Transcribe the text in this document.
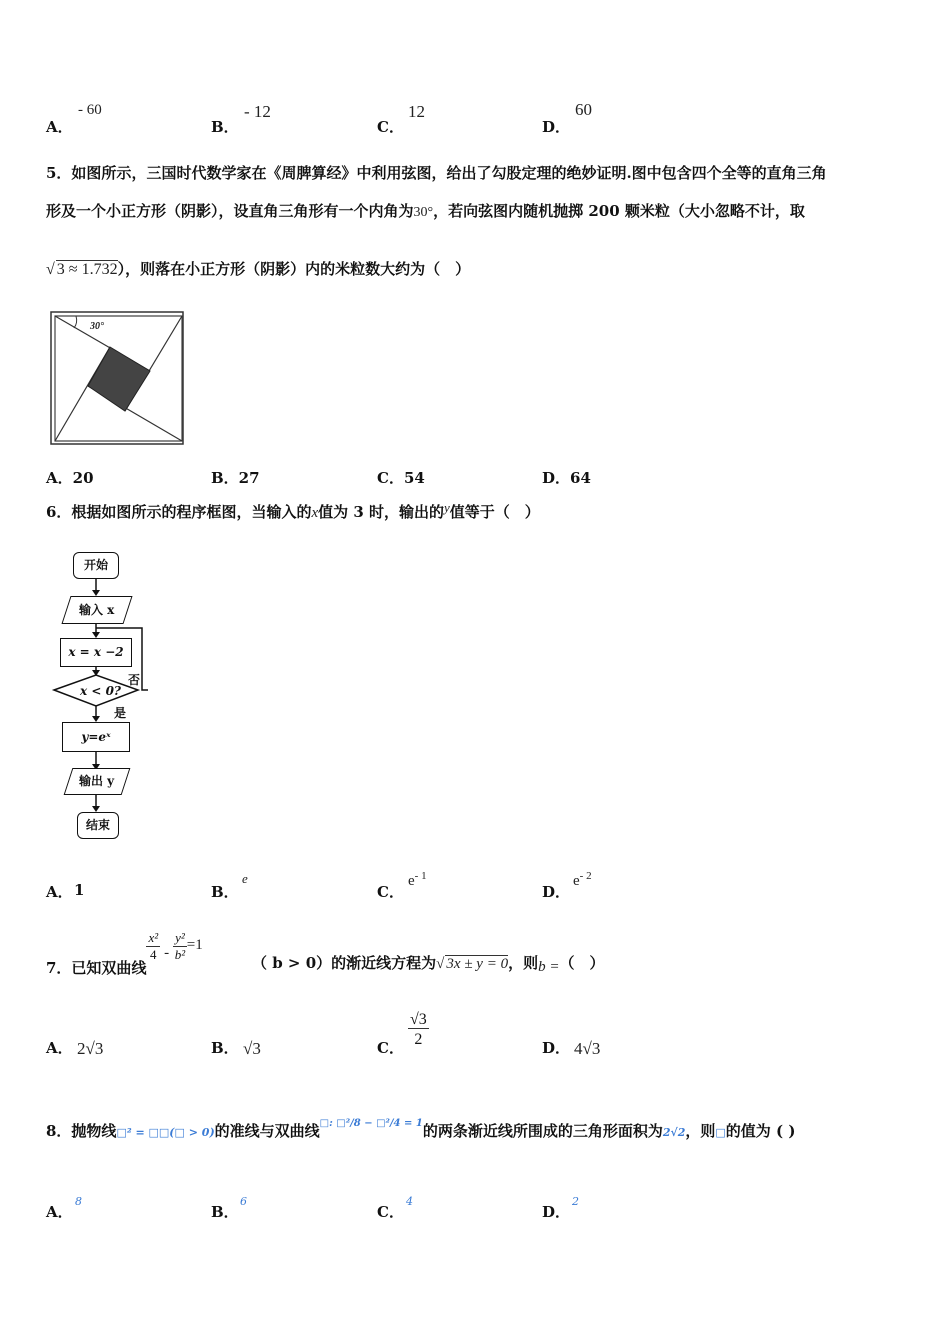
A．
- 60
B．
- 12
C．
12
D．
60
5．如图所示，三国时代数学家在《周脾算经》中利用弦图，给出了勾股定理的绝妙证明.图中包含四个全等的直角三角
形及一个小正方形（阴影），设直角三角形有一个内角为30°，若向弦图内随机抛掷 200 颗米粒（大小忽略不计，取
√ 3 ≈ 1.732），则落在小正方形（阴影）内的米粒数大约为（　）
30°
A．20	B．27	C．54	D．64
6．根据如图所示的程序框图，当输入的x值为 3 时，输出的y值等于（　）
开始
输入 x
x = x −2
x < 0?
否
是
y=eˣ
输出 y
结束
A． 1	B．
e
C．
$e^{- 1}$
D．
$e^{- 2}$
7．已知双曲线
$\frac{\text{x²}}{4} - \frac{\text{y²}}{\text{b²}} =1$
（ b > 0）的渐近线方程为√ 3x ± y = 0，则b =（　）
A． 2√3	B． √3	C． $\frac{√3}{2}$	D． 4√3
8．抛物线□² = □□(□ > 0)的准线与双曲线$^{□: □^2/8 - □^2/4 = 1}$的两条渐近线所围成的三角形面积为2√2，则□的值为 ( )
A．
8
B．
6
C．
4
D．
2
